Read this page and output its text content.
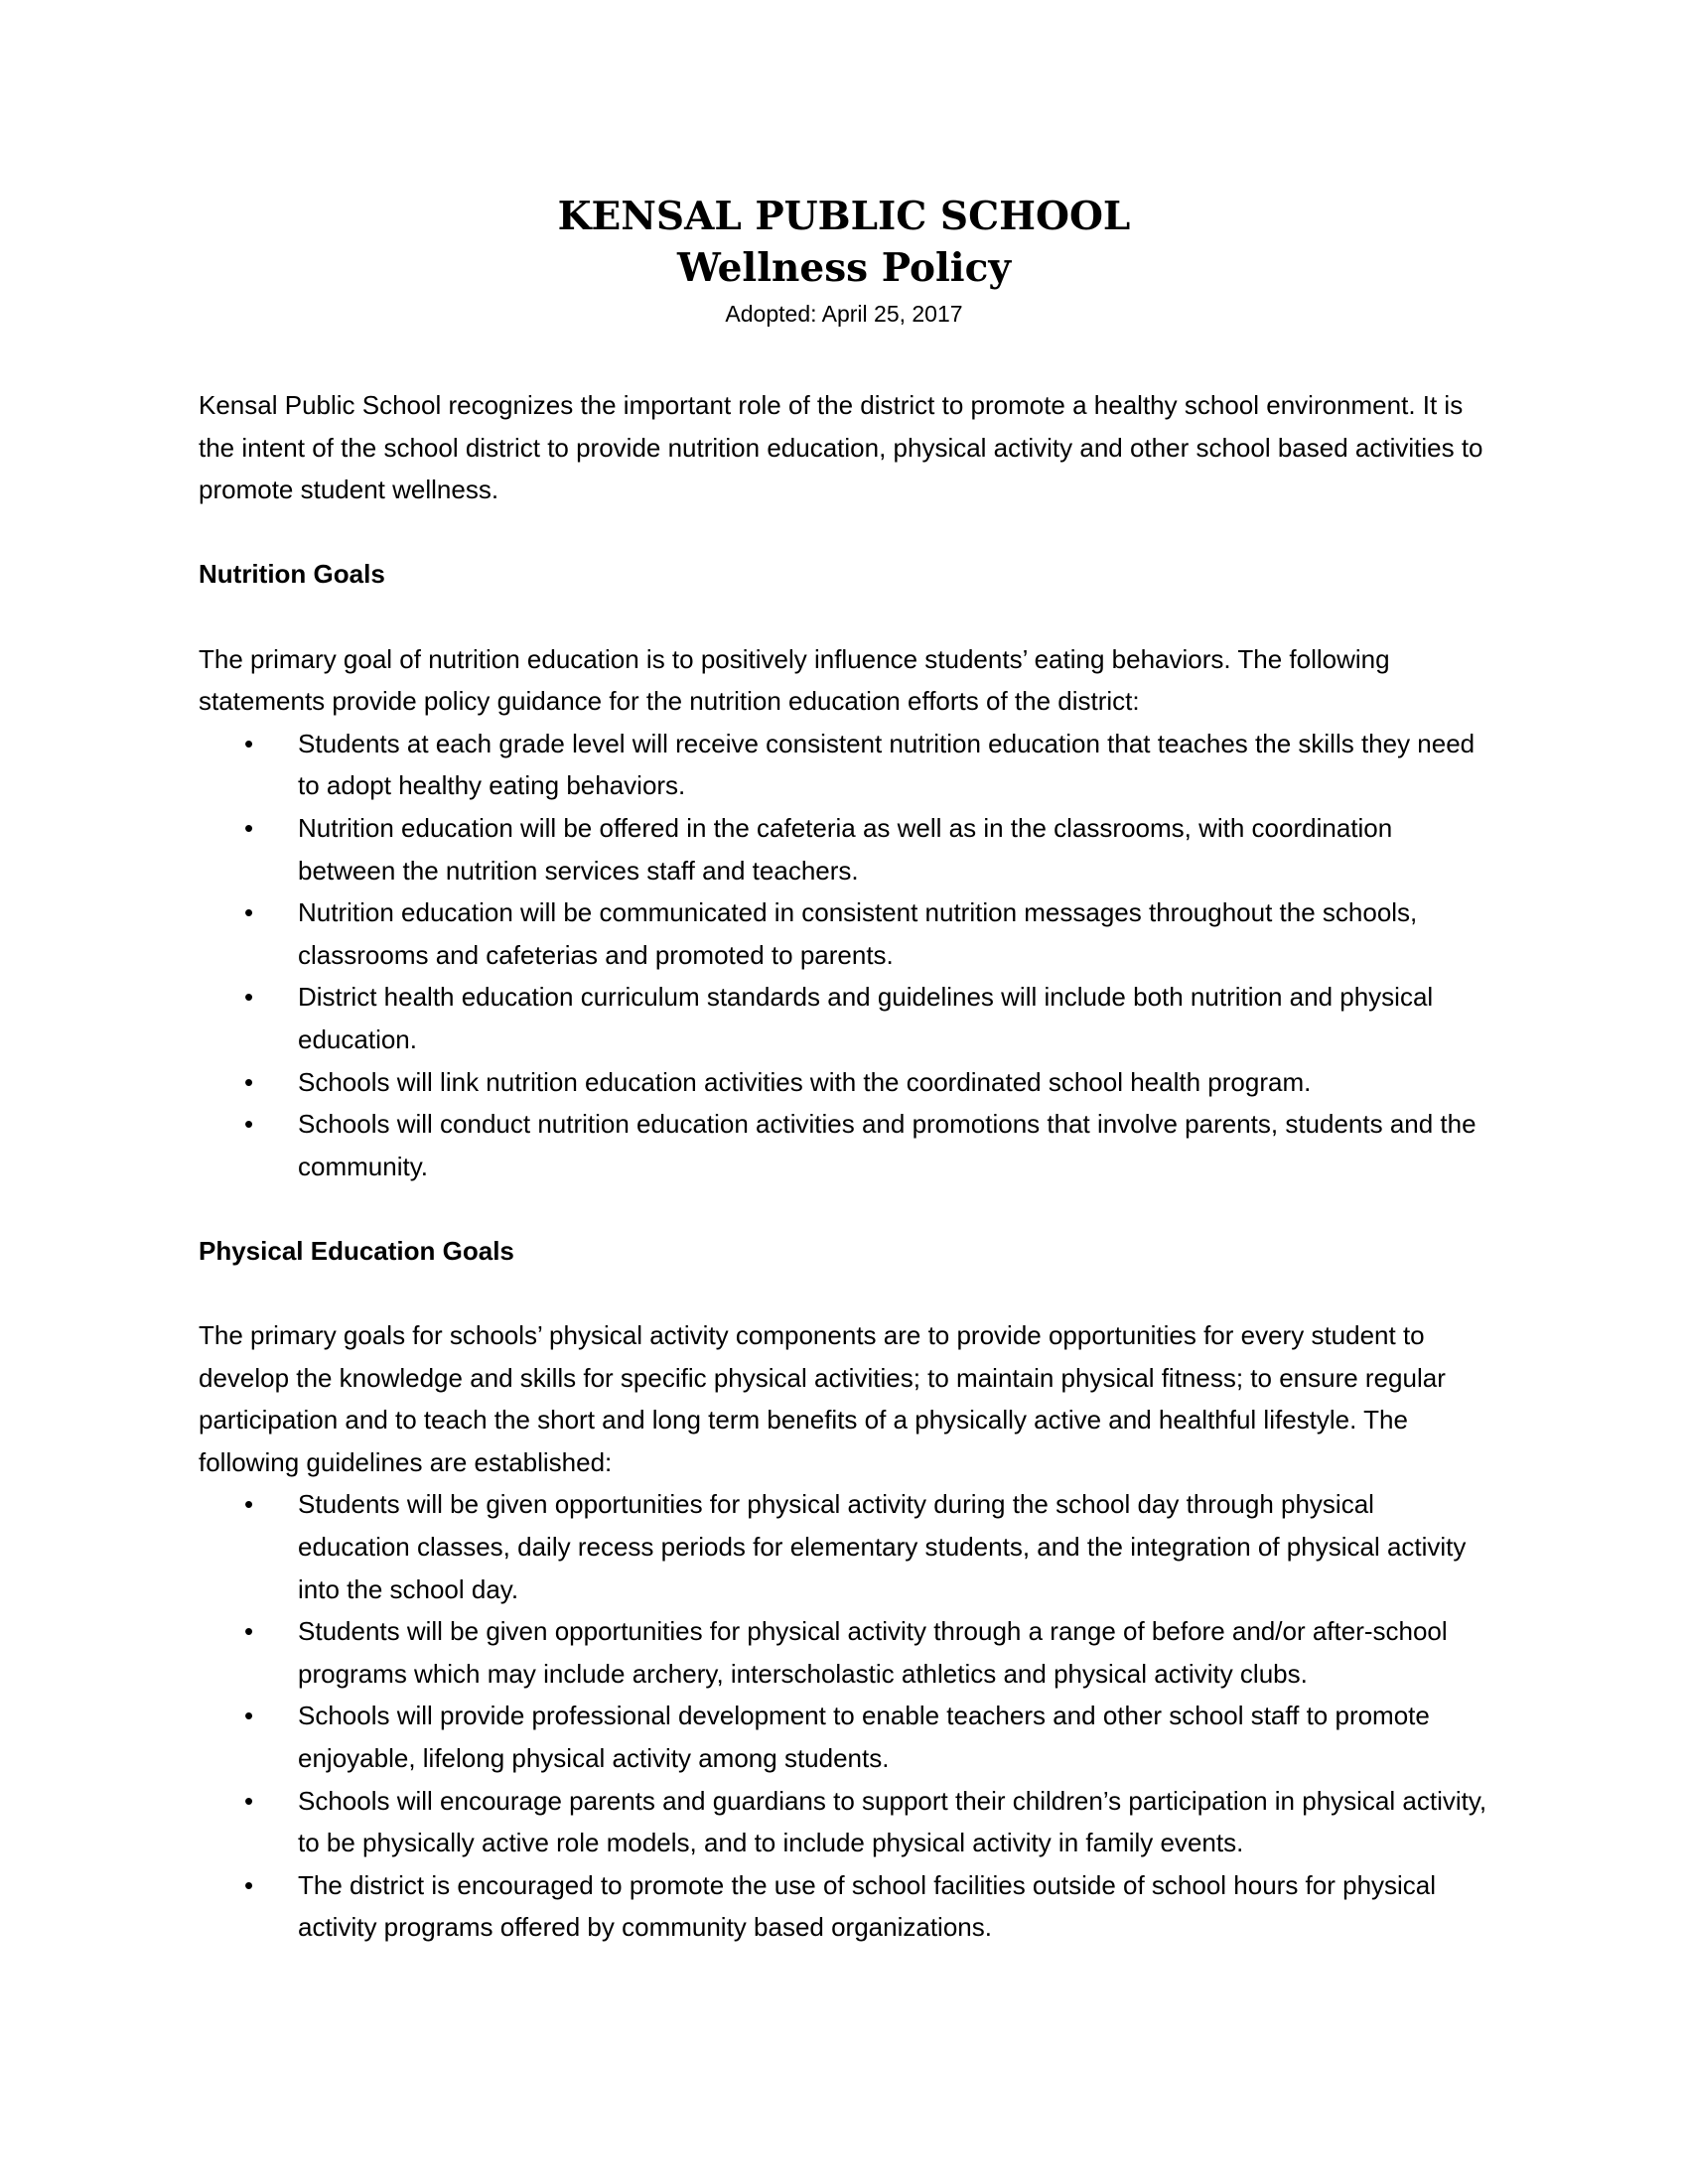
KENSAL PUBLIC SCHOOL
Wellness Policy
Adopted: April 25, 2017

Kensal Public School recognizes the important role of the district to promote a healthy school environment. It is the intent of the school district to provide nutrition education, physical activity and other school based activities to promote student wellness.

Nutrition Goals

The primary goal of nutrition education is to positively influence students’ eating behaviors. The following statements provide policy guidance for the nutrition education efforts of the district:

• Students at each grade level will receive consistent nutrition education that teaches the skills they need to adopt healthy eating behaviors.
• Nutrition education will be offered in the cafeteria as well as in the classrooms, with coordination between the nutrition services staff and teachers.
• Nutrition education will be communicated in consistent nutrition messages throughout the schools, classrooms and cafeterias and promoted to parents.
• District health education curriculum standards and guidelines will include both nutrition and physical education.
• Schools will link nutrition education activities with the coordinated school health program.
• Schools will conduct nutrition education activities and promotions that involve parents, students and the community.

Physical Education Goals

The primary goals for schools’ physical activity components are to provide opportunities for every student to develop the knowledge and skills for specific physical activities; to maintain physical fitness; to ensure regular participation and to teach the short and long term benefits of a physically active and healthful lifestyle. The following guidelines are established:

• Students will be given opportunities for physical activity during the school day through physical education classes, daily recess periods for elementary students, and the integration of physical activity into the school day.
• Students will be given opportunities for physical activity through a range of before and/or after-school programs which may include archery, interscholastic athletics and physical activity clubs.
• Schools will provide professional development to enable teachers and other school staff to promote enjoyable, lifelong physical activity among students.
• Schools will encourage parents and guardians to support their children’s participation in physical activity, to be physically active role models, and to include physical activity in family events.
• The district is encouraged to promote the use of school facilities outside of school hours for physical activity programs offered by community based organizations.
